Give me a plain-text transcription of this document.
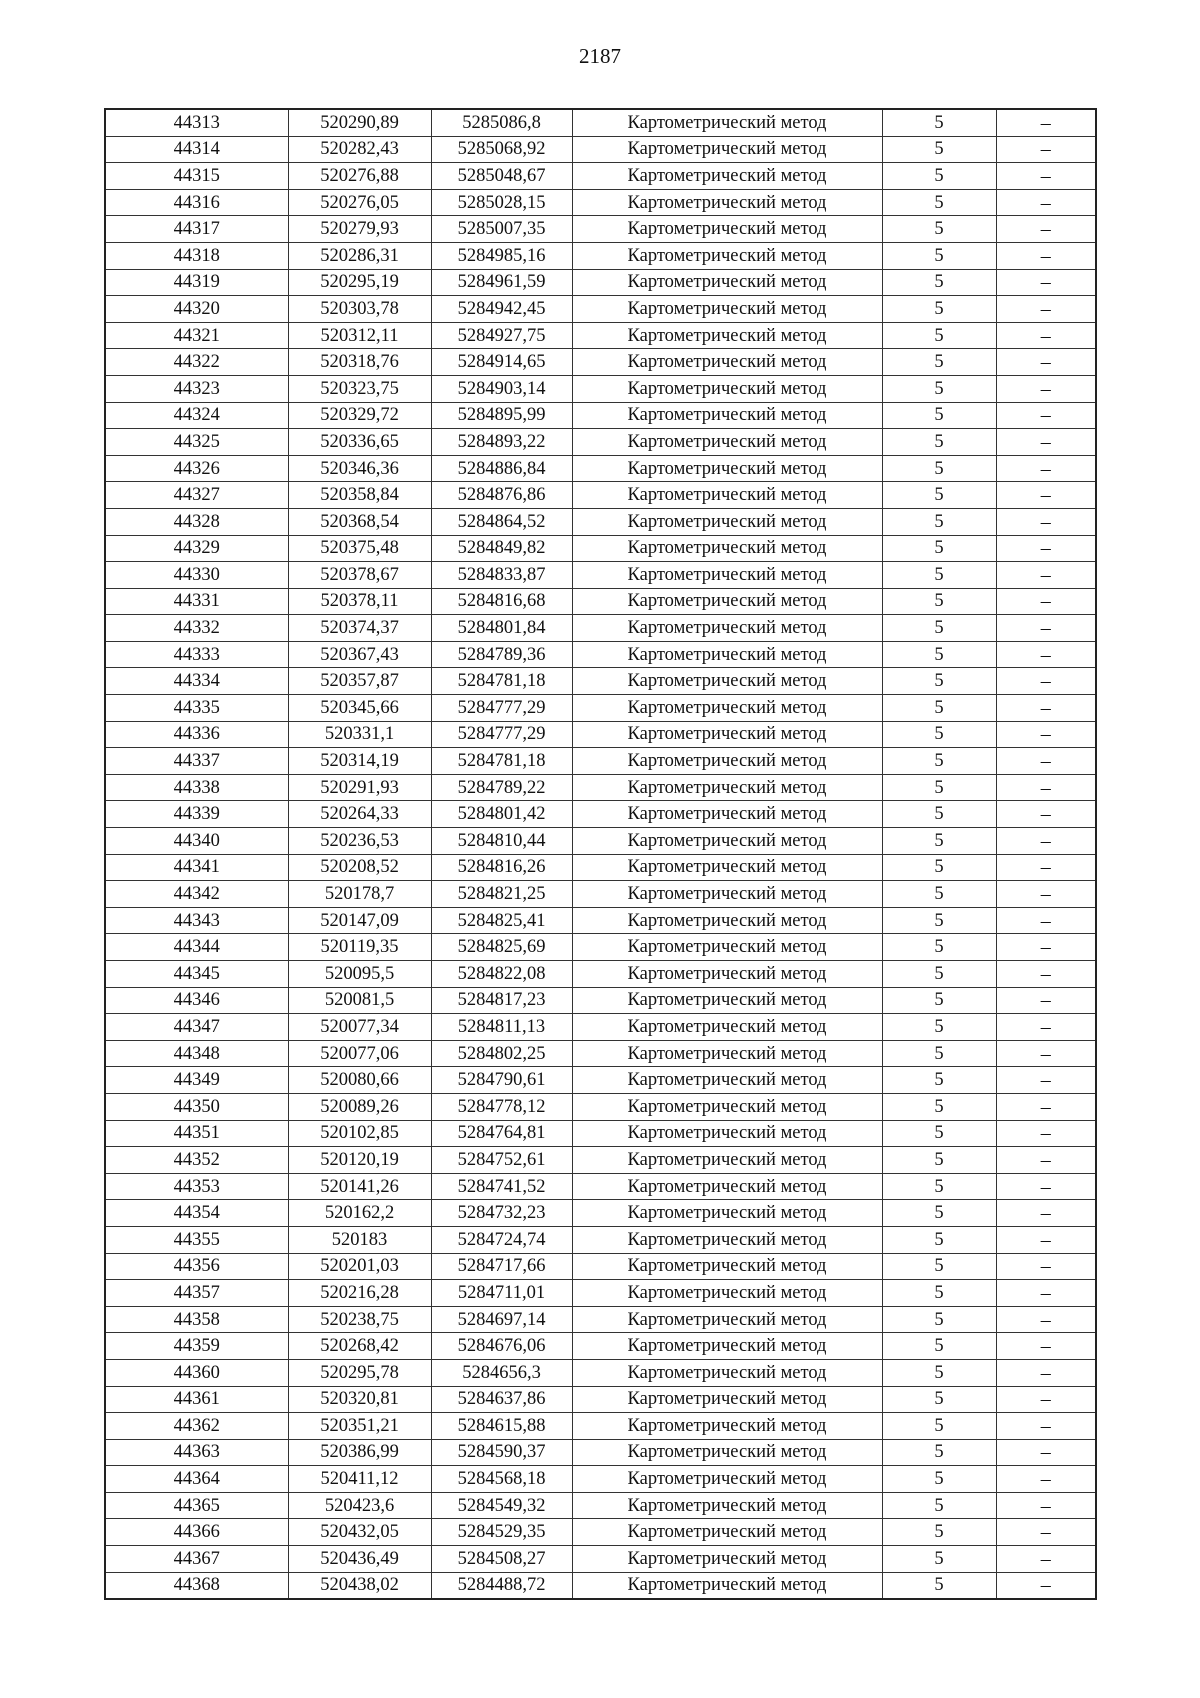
2187
44313	520290,89	5285086,8	Картометрический метод	5	–
44314	520282,43	5285068,92	Картометрический метод	5	–
44315	520276,88	5285048,67	Картометрический метод	5	–
44316	520276,05	5285028,15	Картометрический метод	5	–
44317	520279,93	5285007,35	Картометрический метод	5	–
44318	520286,31	5284985,16	Картометрический метод	5	–
44319	520295,19	5284961,59	Картометрический метод	5	–
44320	520303,78	5284942,45	Картометрический метод	5	–
44321	520312,11	5284927,75	Картометрический метод	5	–
44322	520318,76	5284914,65	Картометрический метод	5	–
44323	520323,75	5284903,14	Картометрический метод	5	–
44324	520329,72	5284895,99	Картометрический метод	5	–
44325	520336,65	5284893,22	Картометрический метод	5	–
44326	520346,36	5284886,84	Картометрический метод	5	–
44327	520358,84	5284876,86	Картометрический метод	5	–
44328	520368,54	5284864,52	Картометрический метод	5	–
44329	520375,48	5284849,82	Картометрический метод	5	–
44330	520378,67	5284833,87	Картометрический метод	5	–
44331	520378,11	5284816,68	Картометрический метод	5	–
44332	520374,37	5284801,84	Картометрический метод	5	–
44333	520367,43	5284789,36	Картометрический метод	5	–
44334	520357,87	5284781,18	Картометрический метод	5	–
44335	520345,66	5284777,29	Картометрический метод	5	–
44336	520331,1	5284777,29	Картометрический метод	5	–
44337	520314,19	5284781,18	Картометрический метод	5	–
44338	520291,93	5284789,22	Картометрический метод	5	–
44339	520264,33	5284801,42	Картометрический метод	5	–
44340	520236,53	5284810,44	Картометрический метод	5	–
44341	520208,52	5284816,26	Картометрический метод	5	–
44342	520178,7	5284821,25	Картометрический метод	5	–
44343	520147,09	5284825,41	Картометрический метод	5	–
44344	520119,35	5284825,69	Картометрический метод	5	–
44345	520095,5	5284822,08	Картометрический метод	5	–
44346	520081,5	5284817,23	Картометрический метод	5	–
44347	520077,34	5284811,13	Картометрический метод	5	–
44348	520077,06	5284802,25	Картометрический метод	5	–
44349	520080,66	5284790,61	Картометрический метод	5	–
44350	520089,26	5284778,12	Картометрический метод	5	–
44351	520102,85	5284764,81	Картометрический метод	5	–
44352	520120,19	5284752,61	Картометрический метод	5	–
44353	520141,26	5284741,52	Картометрический метод	5	–
44354	520162,2	5284732,23	Картометрический метод	5	–
44355	520183	5284724,74	Картометрический метод	5	–
44356	520201,03	5284717,66	Картометрический метод	5	–
44357	520216,28	5284711,01	Картометрический метод	5	–
44358	520238,75	5284697,14	Картометрический метод	5	–
44359	520268,42	5284676,06	Картометрический метод	5	–
44360	520295,78	5284656,3	Картометрический метод	5	–
44361	520320,81	5284637,86	Картометрический метод	5	–
44362	520351,21	5284615,88	Картометрический метод	5	–
44363	520386,99	5284590,37	Картометрический метод	5	–
44364	520411,12	5284568,18	Картометрический метод	5	–
44365	520423,6	5284549,32	Картометрический метод	5	–
44366	520432,05	5284529,35	Картометрический метод	5	–
44367	520436,49	5284508,27	Картометрический метод	5	–
44368	520438,02	5284488,72	Картометрический метод	5	–
